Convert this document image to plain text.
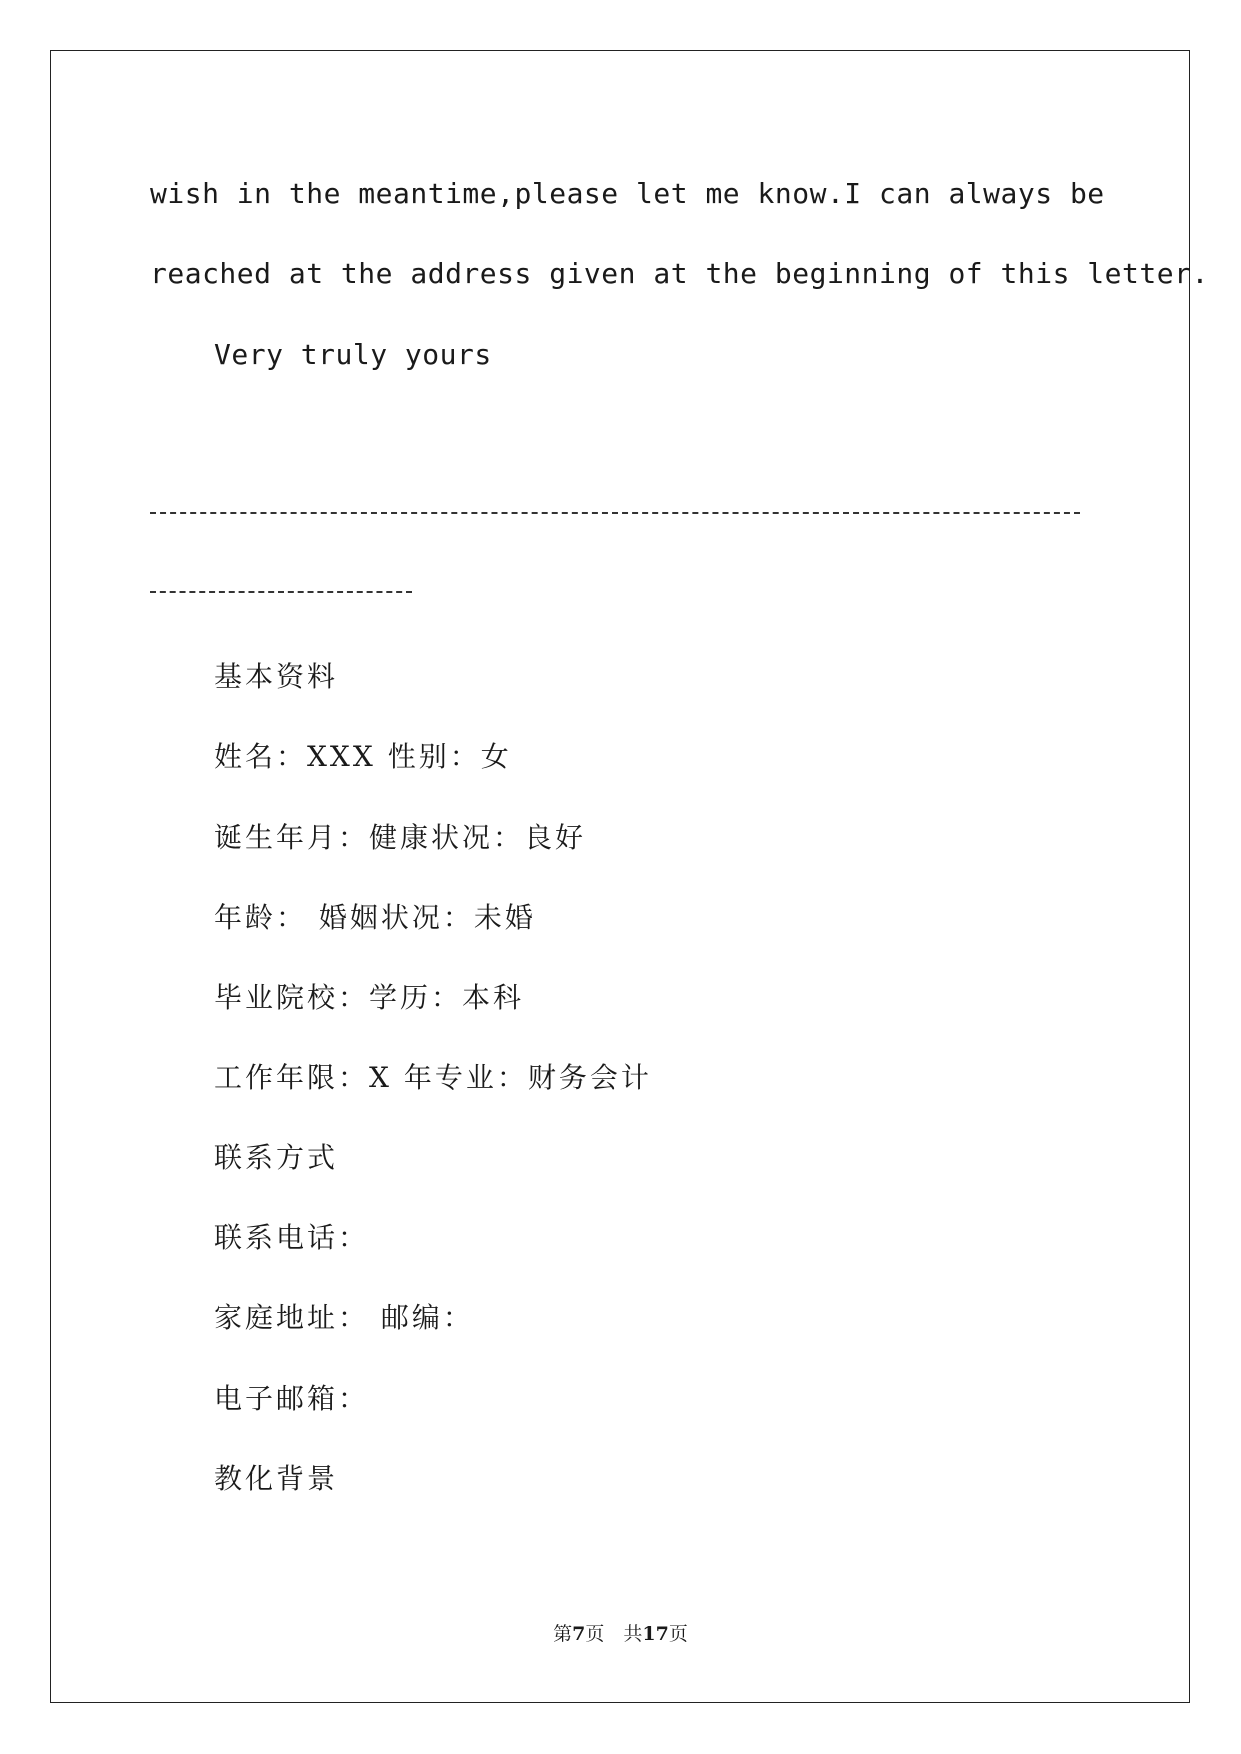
wish in the meantime,please let me know.I can always be
reached at the address given at the beginning of this letter.
Very truly yours
基本资料
姓名：XXX 性别：女
诞生年月：健康状况：良好
年龄： 婚姻状况：未婚
毕业院校：学历：本科
工作年限：X 年专业：财务会计
联系方式
联系电话：
家庭地址： 邮编：
电子邮箱：
教化背景
第7页　共17页
